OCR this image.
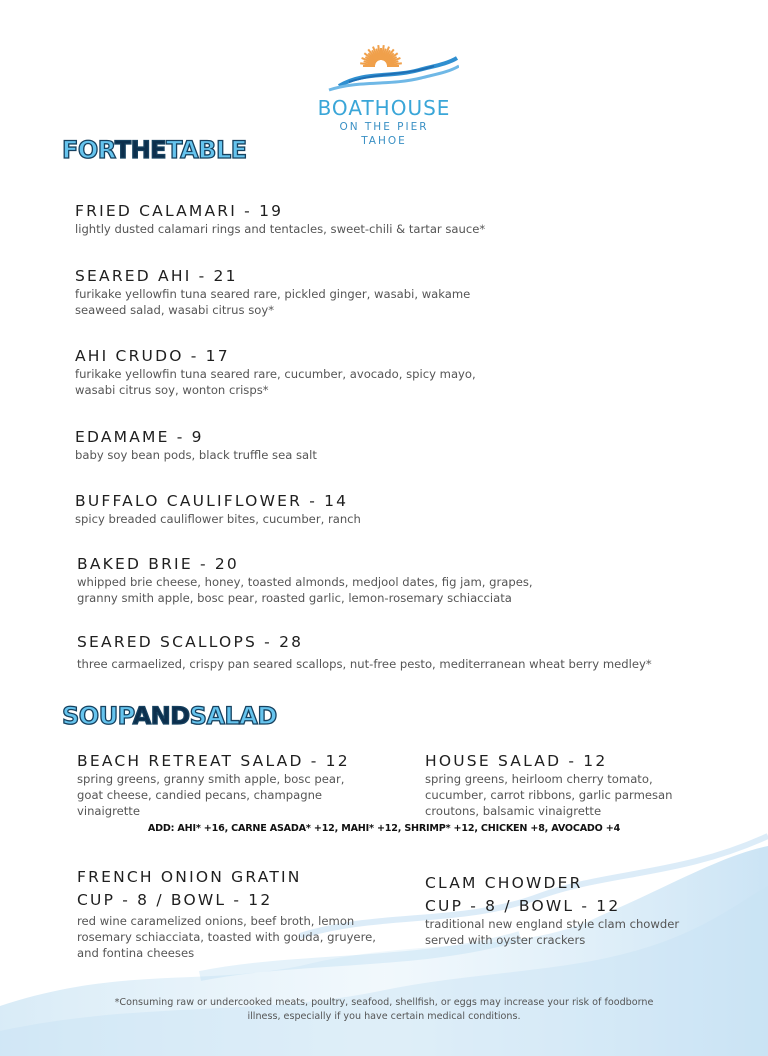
BOATHOUSE
ON THE PIER
TAHOE
FORTHETABLE
FRIED CALAMARI - 19
lightly dusted calamari rings and tentacles, sweet-chili & tartar sauce*
SEARED AHI - 21
furikake yellowfin tuna seared rare, pickled ginger, wasabi, wakame seaweed salad, wasabi citrus soy*
AHI CRUDO - 17
furikake yellowfin tuna seared rare, cucumber, avocado, spicy mayo, wasabi citrus soy, wonton crisps*
EDAMAME - 9
baby soy bean pods, black truffle sea salt
BUFFALO CAULIFLOWER - 14
spicy breaded cauliflower bites, cucumber, ranch
BAKED BRIE - 20
whipped brie cheese, honey, toasted almonds, medjool dates, fig jam, grapes, granny smith apple, bosc pear, roasted garlic, lemon-rosemary schiacciata
SEARED SCALLOPS - 28
three carmaelized, crispy pan seared scallops, nut-free pesto, mediterranean wheat berry medley*
SOUPANDSALAD
BEACH RETREAT SALAD - 12
spring greens, granny smith apple, bosc pear, goat cheese, candied pecans, champagne vinaigrette
HOUSE SALAD - 12
spring greens, heirloom cherry tomato, cucumber, carrot ribbons, garlic parmesan croutons, balsamic vinaigrette
ADD: AHI* +16, CARNE ASADA* +12, MAHI* +12, SHRIMP* +12, CHICKEN +8, AVOCADO +4
FRENCH ONION GRATIN
CUP - 8 / BOWL - 12
red wine caramelized onions, beef broth, lemon rosemary schiacciata, toasted with gouda, gruyere, and fontina cheeses
CLAM CHOWDER
CUP - 8 / BOWL - 12
traditional new england style clam chowder served with oyster crackers
*Consuming raw or undercooked meats, poultry, seafood, shellfish, or eggs may increase your risk of foodborne illness, especially if you have certain medical conditions.
